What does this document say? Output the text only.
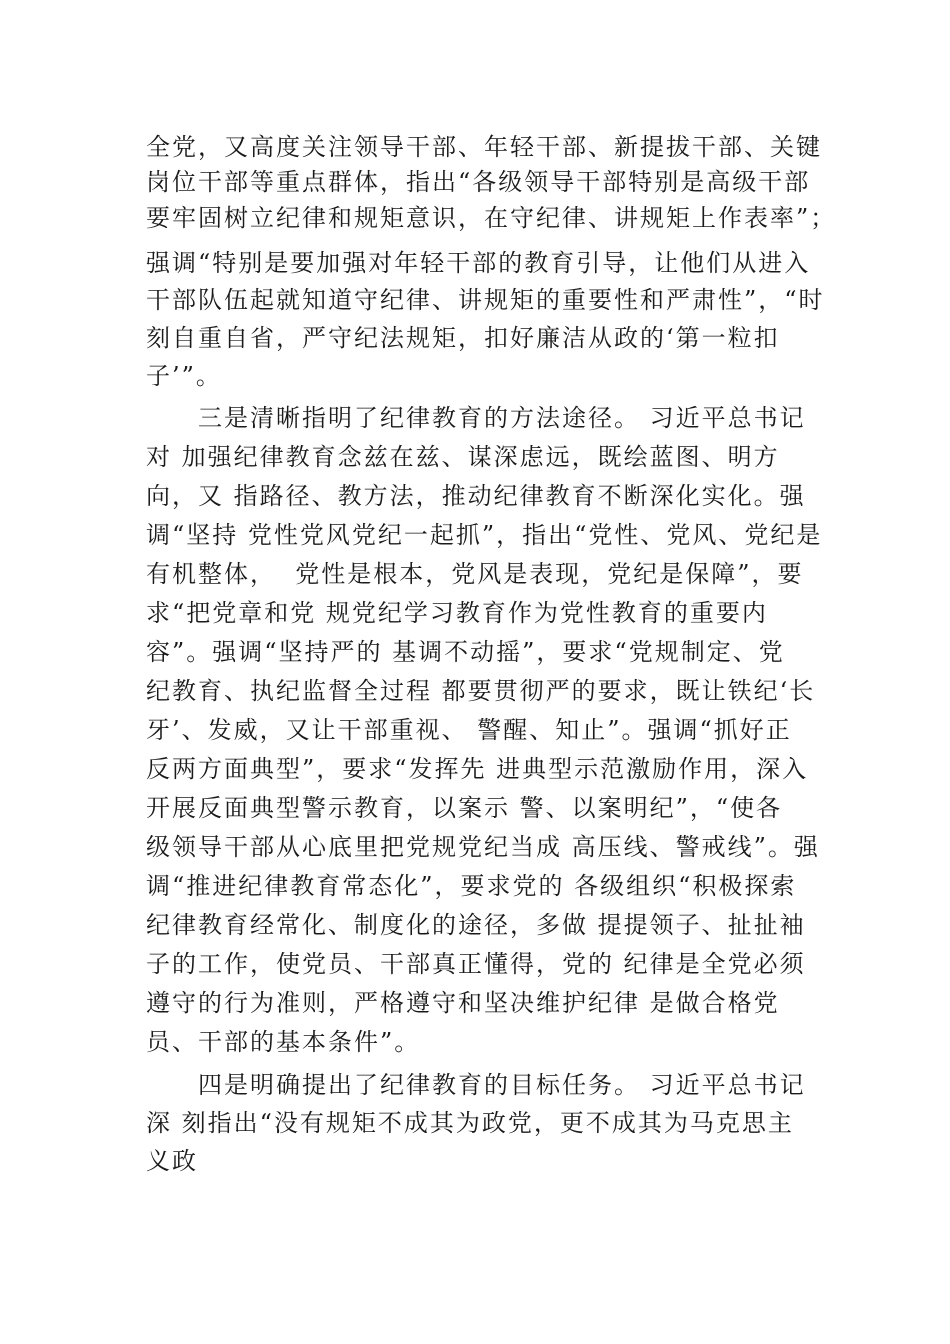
全党，又高度关注领导干部、年轻干部、新提拔干部、关键
岗位干部等重点群体，指出“各级领导干部特别是高级干部
要牢固树立纪律和规矩意识，在守纪律、讲规矩上作表率”；
强调“特别是要加强对年轻干部的教育引导，让他们从进入
干部队伍起就知道守纪律、讲规矩的重要性和严肃性”，“时
刻自重自省，严守纪法规矩，扣好廉洁从政的‘第一粒扣
子’”。
三是清晰指明了纪律教育的方法途径。 习近平总书记
对 加强纪律教育念兹在兹、谋深虑远，既绘蓝图、明方
向，又 指路径、教方法，推动纪律教育不断深化实化。强
调“坚持 党性党风党纪一起抓”，指出“党性、党风、党纪是
有机整体，  党性是根本，党风是表现，党纪是保障”，要
求“把党章和党 规党纪学习教育作为党性教育的重要内
容”。强调“坚持严的 基调不动摇”，要求“党规制定、党
纪教育、执纪监督全过程 都要贯彻严的要求，既让铁纪‘长
牙’、发威，又让干部重视、 警醒、知止”。强调“抓好正
反两方面典型”，要求“发挥先 进典型示范激励作用，深入
开展反面典型警示教育，以案示 警、以案明纪”，“使各
级领导干部从心底里把党规党纪当成 高压线、警戒线”。强
调“推进纪律教育常态化”，要求党的 各级组织“积极探索
纪律教育经常化、制度化的途径，多做 提提领子、扯扯袖
子的工作，使党员、干部真正懂得，党的 纪律是全党必须
遵守的行为准则，严格遵守和坚决维护纪律 是做合格党
员、干部的基本条件”。
四是明确提出了纪律教育的目标任务。 习近平总书记
深 刻指出“没有规矩不成其为政党，更不成其为马克思主
义政
